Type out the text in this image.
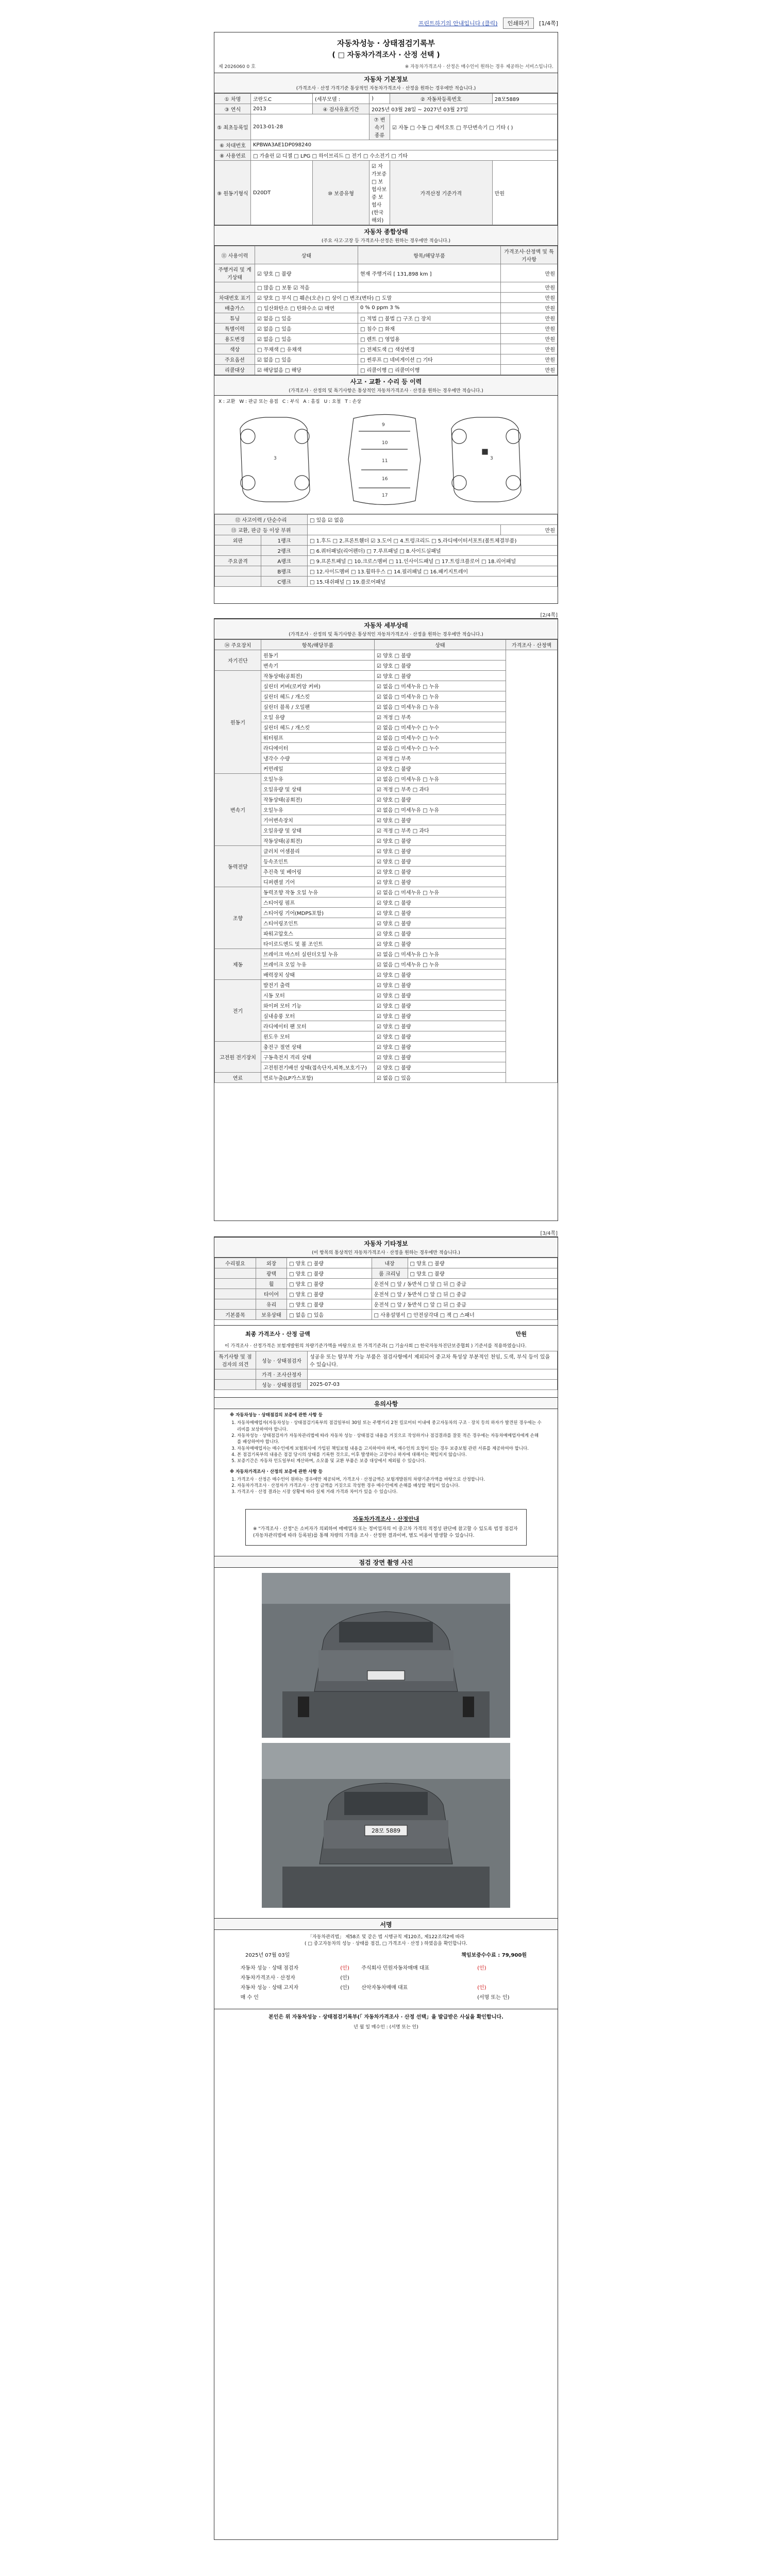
프린트하기의 안내입니다 (클릭)	인쇄하기	[1/4쪽]
자동차성능 · 상태점검기록부
( □ 자동차가격조사 · 산정 선택 )
제 2026060 0 호	※ 자동차가격조사 · 산정은 매수인이 원하는 경우 제공하는 서비스입니다.
자동차 기본정보
(가격조사 · 산정 가격기준 통상적인 자동차가격조사 · 산정을 원하는 경우에만 적습니다.)
① 차명	코란도C	(세부모델 :	)	② 자동차등록번호	28모5889
③ 연식	2013	④ 검사유효기간	2025년 03월 28일 ~ 2027년 03월 27일		
⑤ 최초등록일	2013-01-28		⑦ 변속기 종류	☑ 자동 □ 수동 □ 세미오토 □ 무단변속기 □ 기타 ( )	
⑥ 차대번호	KPBWA3AE1DP098240				
⑧ 사용연료	□ 가솔린 ☑ 디젤 □ LPG □ 하이브리드 □ 전기 □ 수소전기 □ 기타				
⑨ 원동기형식	D20DT	⑩ 보증유형	☑ 자가보증 □ 보험사보증 보험사(한국해외)	가격산정 기준가격	만원
자동차 종합상태
(주요 사고·고장 등 가격조사·산정은 원하는 경우에만 적습니다.)
⑪ 사용이력	상태	항목/해당부품	가격조사·산정액 및 특기사항
주행거리 및 계기상태	☑ 양호 □ 불량	현재 주행거리 [ 131,898 km ]	만원
	□ 많음 □ 보통 ☑ 적음		만원
차대번호 표기	☑ 양호 □ 부식 □ 훼손(오손) □ 상이 □ 변조(변타) □ 도말		만원
배출가스	□ 일산화탄소 □ 탄화수소 ☑ 매연	0 % 0 ppm 3 %	만원
튜닝	☑ 없음 □ 있음	□ 적법 □ 불법 □ 구조 □ 장치	만원
특별이력	☑ 없음 □ 있음	□ 침수 □ 화재	만원
용도변경	☑ 없음 □ 있음	□ 렌트 □ 영업용	만원
색상	□ 무채색 □ 유채색	□ 전체도색 □ 색상변경	만원
주요옵션	☑ 없음 □ 있음	□ 썬루프 □ 네비게이션 □ 기타	만원
리콜대상	☑ 해당없음 □ 해당	□ 리콜이행 □ 리콜미이행	만원
사고 · 교환 · 수리 등 이력
(가격조사 · 산정의 및 특기사항은 통상적인 자동차가격조사 · 산정을 원하는 경우에만 적습니다.)
X : 교환 W : 판금 또는 용접 C : 부식 A : 흠집 U : 요철 T : 손상
9
10
11
16
17
3	3
⑫ 사고이력 / 단순수리		□ 있음 ☑ 없음	
⑬ 교환, 판금 등 이상 부위			만원
외판	1랭크	□ 1.후드 □ 2.프론트휀더 ☑ 3.도어 □ 4.트렁크리드 □ 5.라디에이터서포트(볼트체결부품)	
	2랭크	□ 6.쿼터패널(리어펜더) □ 7.루프패널 □ 8.사이드실패널	
주요골격	A랭크	□ 9.프론트패널 □ 10.크로스멤버 □ 11.인사이드패널 □ 17.트렁크플로어 □ 18.리어패널	
	B랭크	□ 12.사이드멤버 □ 13.휠하우스 □ 14.필러패널 □ 16.패키지트레이	
	C랭크	□ 15.대쉬패널 □ 19.플로어패널	
[2/4쪽]
자동차 세부상태
(가격조사 · 산정의 및 특기사항은 통상적인 자동차가격조사 · 산정을 원하는 경우에만 적습니다.)
⑭ 주요장치	항목/해당부품	상태	가격조사 · 산정액
자기진단	원동기	☑ 양호 □ 불량	
	변속기	☑ 양호 □ 불량	
원동기	작동상태(공회전)	☑ 양호 □ 불량	
	실린더 커버(로커암 커버)	☑ 없음 □ 미세누유 □ 누유	
	실린더 헤드 / 개스킷	☑ 없음 □ 미세누유 □ 누유	
	실린더 블록 / 오일팬	☑ 없음 □ 미세누유 □ 누유	
	오일 유량	☑ 적정 □ 부족	
	실린더 헤드 / 개스킷	☑ 없음 □ 미세누수 □ 누수	
	워터펌프	☑ 없음 □ 미세누수 □ 누수	
	라디에이터	☑ 없음 □ 미세누수 □ 누수	
	냉각수 수량	☑ 적정 □ 부족	
	커먼레일	☑ 양호 □ 불량	
변속기	오일누유	☑ 없음 □ 미세누유 □ 누유	
	오일유량 및 상태	☑ 적정 □ 부족 □ 과다	
	작동상태(공회전)	☑ 양호 □ 불량	
	오일누유	☑ 없음 □ 미세누유 □ 누유	
	기어변속장치	☑ 양호 □ 불량	
	오일유량 및 상태	☑ 적정 □ 부족 □ 과다	
	작동상태(공회전)	☑ 양호 □ 불량	
동력전달	클러치 어셈블리	☑ 양호 □ 불량	
	등속조인트	☑ 양호 □ 불량	
	추진축 및 베어링	☑ 양호 □ 불량	
	디퍼렌셜 기어	☑ 양호 □ 불량	
조향	동력조향 작동 오일 누유	☑ 없음 □ 미세누유 □ 누유	
	스티어링 펌프	☑ 양호 □ 불량	
	스티어링 기어(MDPS포함)	☑ 양호 □ 불량	
	스티어링조인트	☑ 양호 □ 불량	
	파워고압호스	☑ 양호 □ 불량	
	타이로드엔드 및 볼 조인트	☑ 양호 □ 불량	
제동	브레이크 마스터 실린더오일 누유	☑ 없음 □ 미세누유 □ 누유	
	브레이크 오일 누유	☑ 없음 □ 미세누유 □ 누유	
	배력장치 상태	☑ 양호 □ 불량	
전기	발전기 출력	☑ 양호 □ 불량	
	시동 모터	☑ 양호 □ 불량	
	와이퍼 모터 기능	☑ 양호 □ 불량	
	실내송풍 모터	☑ 양호 □ 불량	
	라디에이터 팬 모터	☑ 양호 □ 불량	
	윈도우 모터	☑ 양호 □ 불량	
고전원 전기장치	충전구 절연 상태	☑ 양호 □ 불량	
	구동축전지 격리 상태	☑ 양호 □ 불량	
	고전원전기배선 상태(접속단자,피복,보호기구)	☑ 양호 □ 불량	
연료	연료누출(LP가스포함)	☑ 없음 □ 있음	
[3/4쪽]
자동차 기타정보
(이 항목의 통상적인 자동차가격조사 · 산정을 원하는 경우에만 적습니다.)
수리필요	외장	□ 양호 □ 불량	내장	□ 양호 □ 불량
	광택	□ 양호 □ 불량	룸 크리닝	□ 양호 □ 불량
	휠	□ 양호 □ 불량	운전석 □ 앞 / 동반석 □ 앞 □ 뒤 □ 중급	
	타이어	□ 양호 □ 불량	운전석 □ 앞 / 동반석 □ 앞 □ 뒤 □ 중급	
	유리	□ 양호 □ 불량	운전석 □ 앞 / 동반석 □ 앞 □ 뒤 □ 중급	
기본품목	보유상태	□ 없음 □ 있음	□ 사용설명서 □ 안전삼각대 □ 잭 □ 스패너	
최종 가격조사 · 산정 금액	만원
이 가격조사 · 산정가격은 보험개발원의 차량기준가액을 바탕으로 한 가격기준과( □ 기술사회 □ 한국자동차진단보증협회 ) 기준서를 적용하였습니다.
특기사항 및 점검자의 의견	성능 · 상태점검자	성공유 또는 탈부착 가능 부품은 점검사항에서 제외되어 중고차 특성상 부분적인 천임, 도색, 부식 등이 있을 수 있습니다.
	가격 · 조사산정자	
	성능 · 상태점검일	2025-07-03
유의사항
※ 자동차성능 · 상태점검의 보증에 관한 사항 등
1. 자동차매매업자(자동차성능 · 상태점검기록부의 점검일부터 30일 또는 주행거리 2천 킬로미터 이내에 중고자동차의 구조 · 장치 등의 하자가 발견된 경우에는 수리비를 보상하여야 합니다.
2. 자동차성능 · 상태점검자가 자동차관리법에 따라 자동차 성능 · 상태점검 내용을 거짓으로 작성하거나 점검결과를 잘못 적은 경우에는 자동차매매업자에게 손해를 배상하여야 합니다.
3. 자동차매매업자는 매수인에게 보험회사에 가입된 책임보험 내용을 고지하여야 하며, 매수인의 요청이 있는 경우 보증보험 관련 서류를 제공하여야 합니다.
4. 본 점검기록부의 내용은 점검 당시의 상태를 기록한 것으로, 이후 발생하는 고장이나 하자에 대해서는 책임지지 않습니다.
5. 보증기간은 자동차 인도일부터 계산하며, 소모품 및 교환 부품은 보증 대상에서 제외될 수 있습니다.
※ 자동차가격조사 · 산정의 보증에 관한 사항 등
1. 가격조사 · 산정은 매수인이 원하는 경우에만 제공되며, 가격조사 · 산정금액은 보험개발원의 차량기준가액을 바탕으로 산정합니다.
2. 자동차가격조사 · 산정자가 가격조사 · 산정 금액을 거짓으로 작성한 경우 매수인에게 손해를 배상할 책임이 있습니다.
3. 가격조사 · 산정 결과는 시장 상황에 따라 실제 거래 가격과 차이가 있을 수 있습니다.
자동차가격조사 · 산정안내
※ "가격조사 · 산정"은 소비자가 의뢰하여 매매업자 또는 정비업자의 이 중고차 가격의 적정성 판단에 참고할 수 있도록 법정 점검자(자동차관리법에 따라 등록된)를 통해 차량의 가격을 조사 · 산정한 결과이며, 별도 비용이 발생할 수 있습니다.
점검 장면 촬영 사진
28모 5889
서명
「자동차관리법」 제58조 및 같은 법 시행규칙 제120조, 제122조의2에 따라
( □ 중고자동차의 성능 · 상태를 점검, □ 가격조사 · 산정 ) 하였음을 확인합니다.
2025년 07월 03일	책임보증수수료 : 79,900원
자동차 성능 · 상태 점검자	(인)	주식회사 민원자동차매매 대표	(인)
자동차가격조사 · 산정자	(인)		
자동차 성능 · 상태 고지자	(인)	산악자동차매매 대표	(인)
매 수 인			(서명 또는 인)
본인은 위 자동차성능 · 상태점검기록부(「 자동차가격조사 · 산정 선택」을 발급받은 사실을 확인합니다.
년 월 일 매수인 : (서명 또는 인)
